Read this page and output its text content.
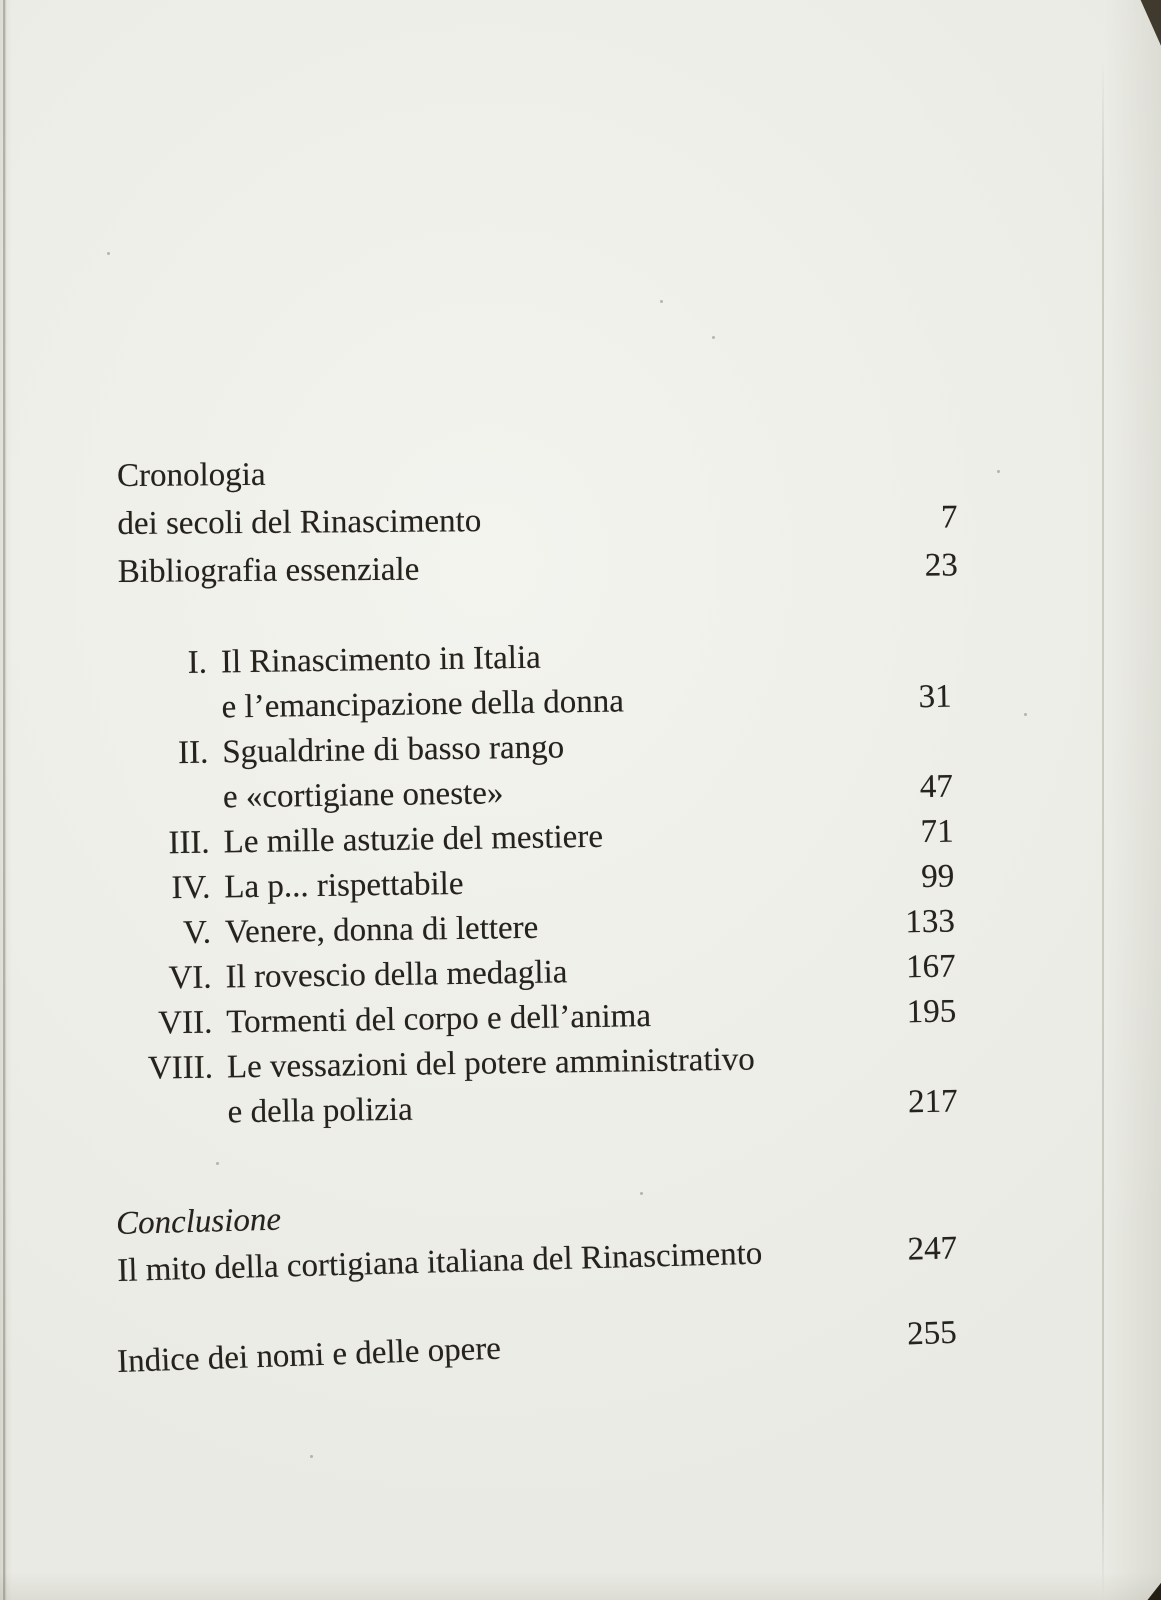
Cronologia
dei secoli del Rinascimento	7
Bibliografia essenziale	23
I. Il Rinascimento in Italia
e l’emancipazione della donna	31
II. Sgualdrine di basso rango
e «cortigiane oneste»	47
III. Le mille astuzie del mestiere	71
IV. La p... rispettabile	99
V. Venere, donna di lettere	133
VI. Il rovescio della medaglia	167
VII. Tormenti del corpo e dell’anima	195
VIII. Le vessazioni del potere amministrativo
e della polizia	217
Conclusione
Il mito della cortigiana italiana del Rinascimento	247
Indice dei nomi e delle opere	255
